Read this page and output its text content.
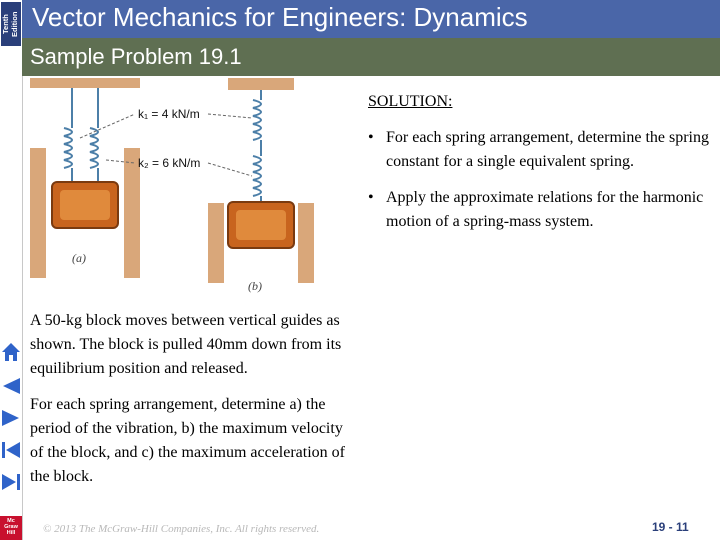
Tenth Edition
Mc
Graw
Hill
Vector Mechanics for Engineers: Dynamics
Sample Problem 19.1
(a)
(b)
k₁ = 4 kN/m
k₂ = 6 kN/m
SOLUTION:
• For each spring arrangement, determine the spring constant for a single equivalent spring.
• Apply the approximate relations for the harmonic motion of a spring-mass system.

A 50-kg block moves between vertical guides as shown. The block is pulled 40mm down from its equilibrium position and released.

For each spring arrangement, determine a) the period of the vibration, b) the maximum velocity of the block, and c) the maximum acceleration of the block.

© 2013 The McGraw-Hill Companies, Inc. All rights reserved.	19 - 11
